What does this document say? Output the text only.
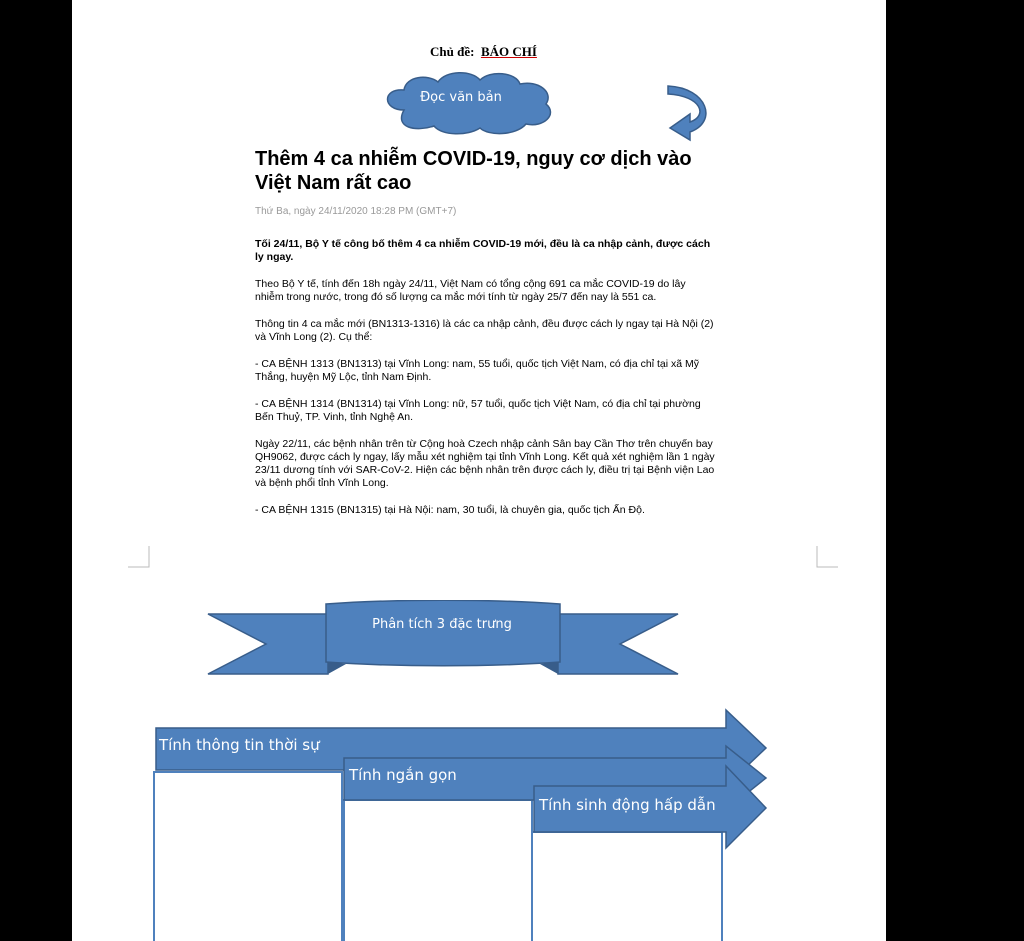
Chủ đề: BÁO CHÍ
Đọc văn bản
Thêm 4 ca nhiễm COVID-19, nguy cơ dịch vào Việt Nam rất cao
Thứ Ba, ngày 24/11/2020 18:28 PM (GMT+7)

Tối 24/11, Bộ Y tế công bố thêm 4 ca nhiễm COVID-19 mới, đều là ca nhập cảnh, được cách ly ngay.

Theo Bộ Y tế, tính đến 18h ngày 24/11, Việt Nam có tổng cộng 691 ca mắc COVID-19 do lây nhiễm trong nước, trong đó số lượng ca mắc mới tính từ ngày 25/7 đến nay là 551 ca.

Thông tin 4 ca mắc mới (BN1313-1316) là các ca nhập cảnh, đều được cách ly ngay tại Hà Nội (2) và Vĩnh Long (2). Cụ thể:

- CA BỆNH 1313 (BN1313) tại Vĩnh Long: nam, 55 tuổi, quốc tịch Việt Nam, có địa chỉ tại xã Mỹ Thắng, huyện Mỹ Lộc, tỉnh Nam Định.

- CA BỆNH 1314 (BN1314) tại Vĩnh Long: nữ, 57 tuổi, quốc tịch Việt Nam, có địa chỉ tại phường Bến Thuỷ, TP. Vinh, tỉnh Nghệ An.

Ngày 22/11, các bệnh nhân trên từ Cộng hoà Czech nhập cảnh Sân bay Cần Thơ trên chuyến bay QH9062, được cách ly ngay, lấy mẫu xét nghiệm tại tỉnh Vĩnh Long. Kết quả xét nghiệm lần 1 ngày 23/11 dương tính với SAR-CoV-2. Hiện các bệnh nhân trên được cách ly, điều trị tại Bệnh viện Lao và bệnh phổi tỉnh Vĩnh Long.

- CA BỆNH 1315 (BN1315) tại Hà Nội: nam, 30 tuổi, là chuyên gia, quốc tịch Ấn Độ.

Phân tích 3 đặc trưng
Tính thông tin thời sự
Tính ngắn gọn
Tính sinh động hấp dẫn
